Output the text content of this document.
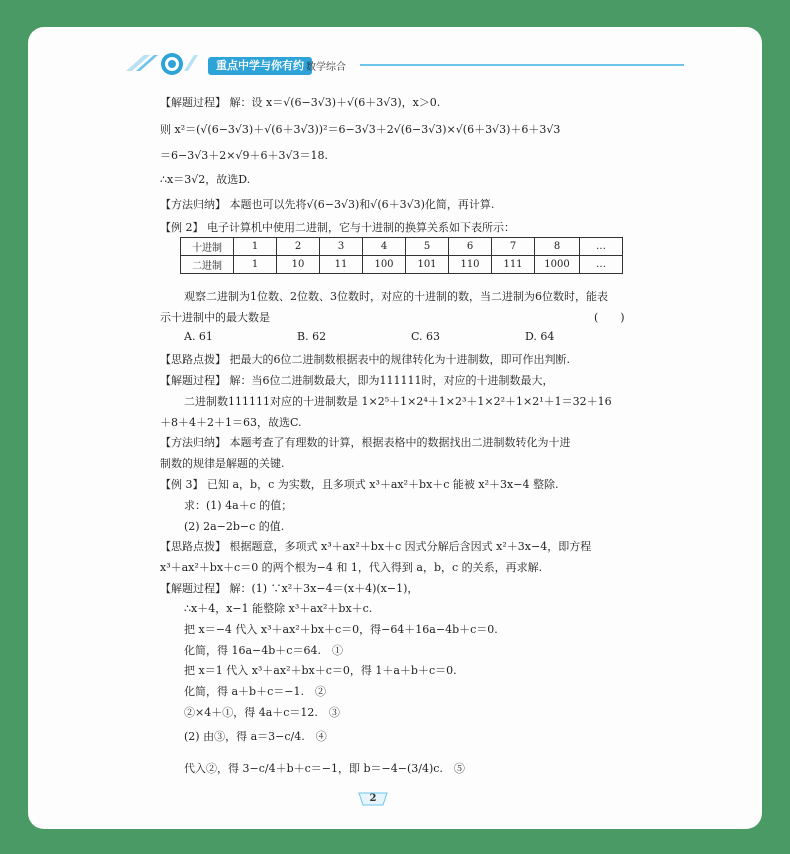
重点中学与你有约 数学综合
【解题过程】 解：设 x＝√(6−3√3)＋√(6＋3√3)，x＞0.
则 x²＝(√(6−3√3)＋√(6＋3√3))²＝6−3√3＋2√(6−3√3)×√(6＋3√3)＋6＋3√3
＝6−3√3＋2×√9＋6＋3√3＝18.
∴x＝3√2，故选D.
【方法归纳】 本题也可以先将√(6−3√3)和√(6＋3√3)化简，再计算.
【例 2】 电子计算机中使用二进制，它与十进制的换算关系如下表所示：
十进制	1	2	3	4	5	6	7	8	…
二进制	1	10	11	100	101	110	111	1000	…
观察二进制为1位数、2位数、3位数时，对应的十进制的数，当二进制为6位数时，能表
示十进制中的最大数是	(　　)
A. 61	B. 62	C. 63	D. 64
【思路点拨】 把最大的6位二进制数根据表中的规律转化为十进制数，即可作出判断.
【解题过程】 解：当6位二进制数最大，即为111111时，对应的十进制数最大，
二进制数111111对应的十进制数是 1×2⁵＋1×2⁴＋1×2³＋1×2²＋1×2¹＋1＝32＋16
＋8＋4＋2＋1＝63，故选C.
【方法归纳】 本题考查了有理数的计算，根据表格中的数据找出二进制数转化为十进
制数的规律是解题的关键.
【例 3】 已知 a，b，c 为实数，且多项式 x³＋ax²＋bx＋c 能被 x²＋3x−4 整除.
求：(1) 4a＋c 的值；
(2) 2a−2b−c 的值.
【思路点拨】 根据题意，多项式 x³＋ax²＋bx＋c 因式分解后含因式 x²＋3x−4，即方程
x³＋ax²＋bx＋c＝0 的两个根为−4 和 1，代入得到 a，b，c 的关系，再求解.
【解题过程】 解：(1) ∵x²＋3x−4＝(x＋4)(x−1)，
∴x＋4，x−1 能整除 x³＋ax²＋bx＋c.
把 x＝−4 代入 x³＋ax²＋bx＋c＝0，得−64＋16a−4b＋c＝0.
化简，得 16a−4b＋c＝64.　①
把 x＝1 代入 x³＋ax²＋bx＋c＝0，得 1＋a＋b＋c＝0.
化简，得 a＋b＋c＝−1.　②
②×4＋①，得 4a＋c＝12.　③
(2) 由③，得 a＝3−c/4.　④
代入②，得 3−c/4＋b＋c＝−1，即 b＝−4−(3/4)c.　⑤
2
